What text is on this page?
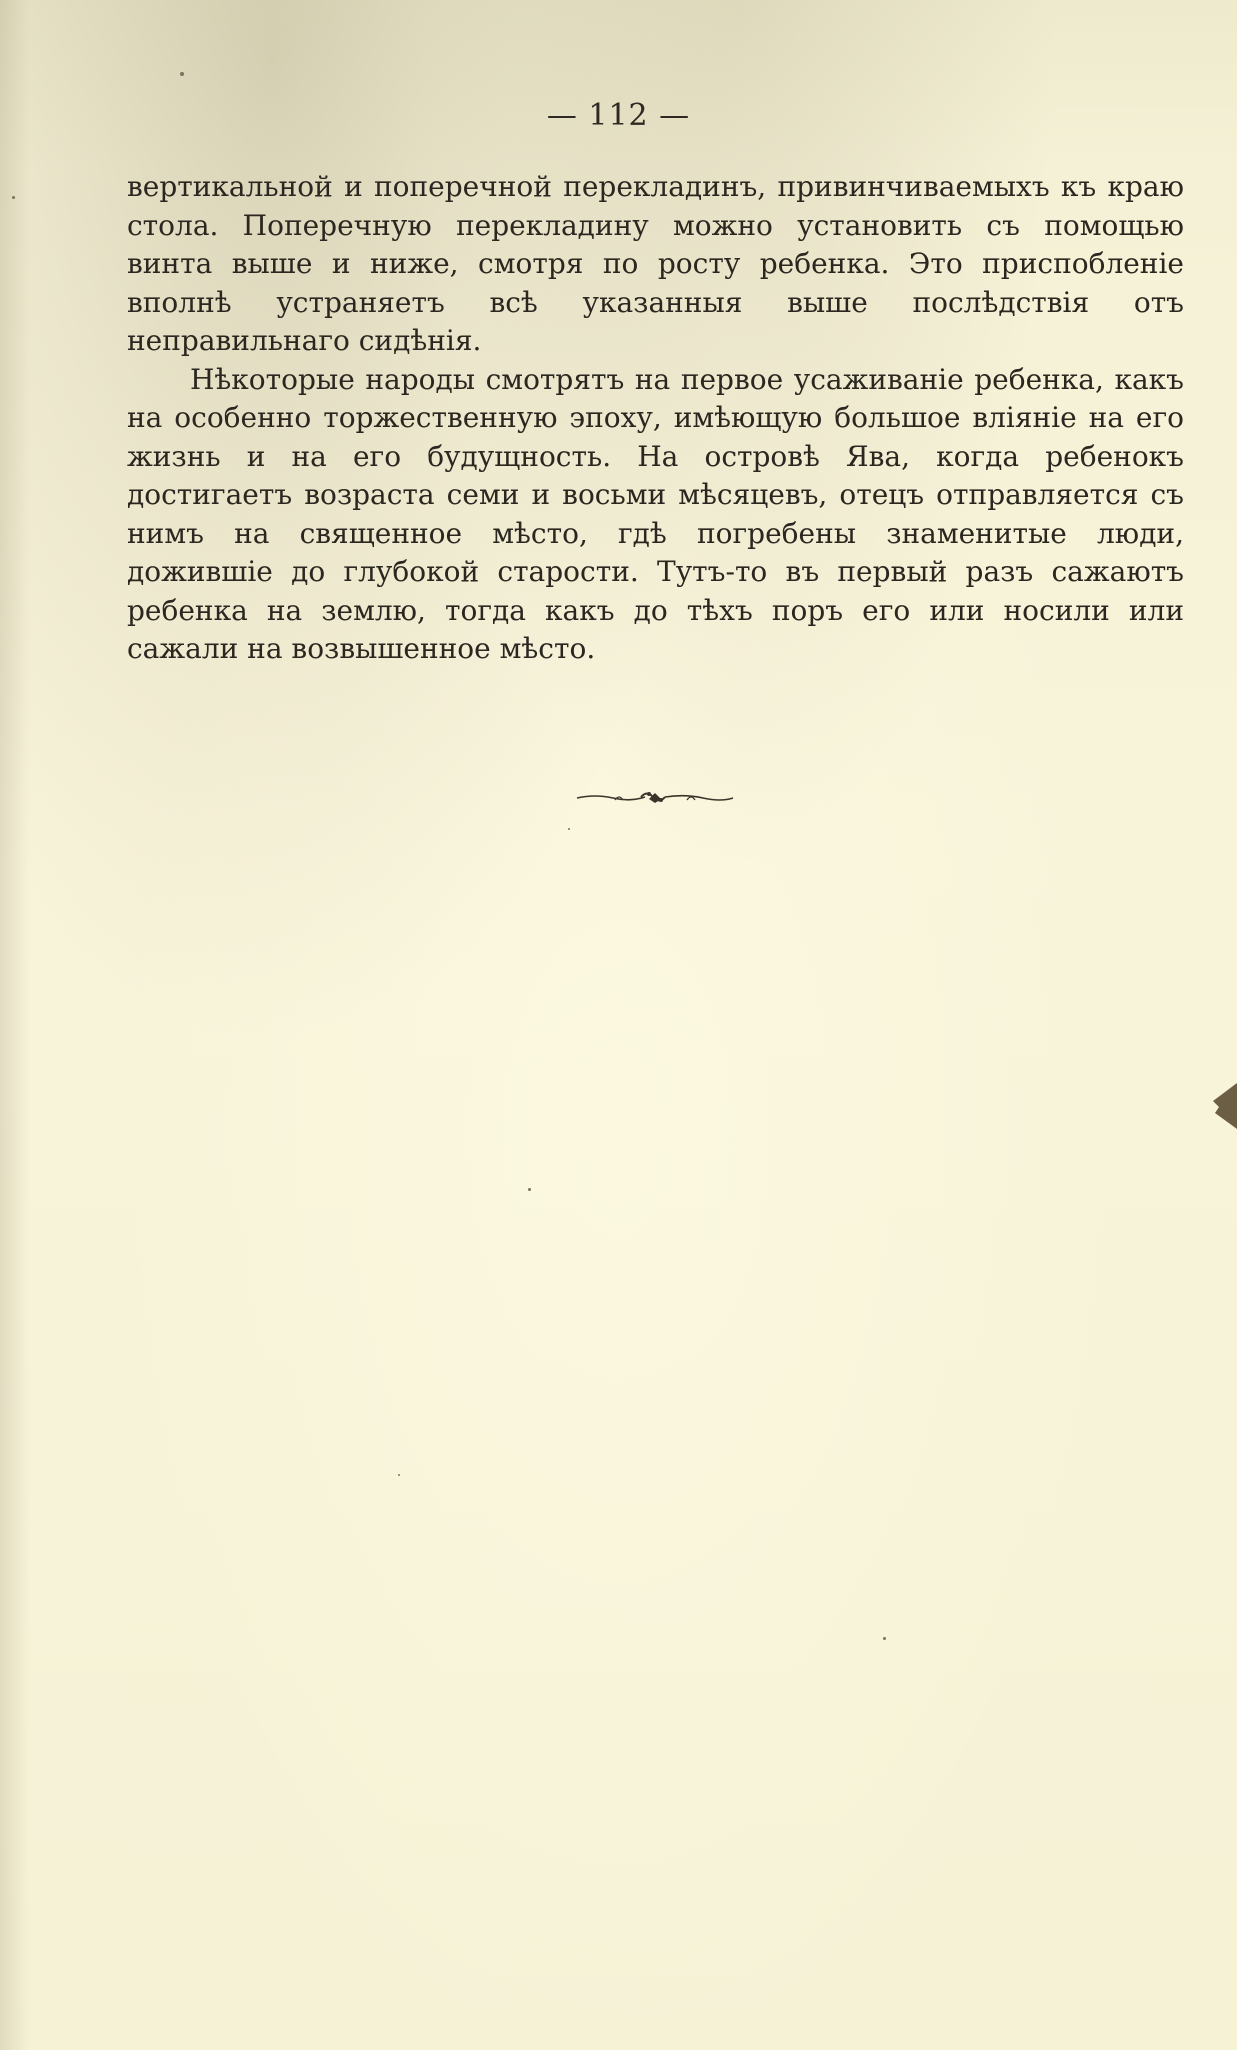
— 112 —

вертикальной и поперечной перекладинъ, привинчиваемыхъ къ краю стола. Поперечную перекладину можно установить съ помощью винта выше и ниже, смотря по росту ребенка. Это приспобленіе вполнѣ устраняетъ всѣ указанныя выше послѣдствія отъ неправильнаго сидѣнія.

Нѣкоторые народы смотрятъ на первое усаживаніе ребенка, какъ на особенно торжественную эпоху, имѣющую большое вліяніе на его жизнь и на его будущность. На островѣ Ява, когда ребенокъ достигаетъ возраста семи и восьми мѣсяцевъ, отецъ отправляется съ нимъ на священное мѣсто, гдѣ погребены знаменитые люди, дожившіе до глубокой старости. Тутъ-то въ первый разъ сажаютъ ребенка на землю, тогда какъ до тѣхъ поръ его или носили или сажали на возвышенное мѣсто.
